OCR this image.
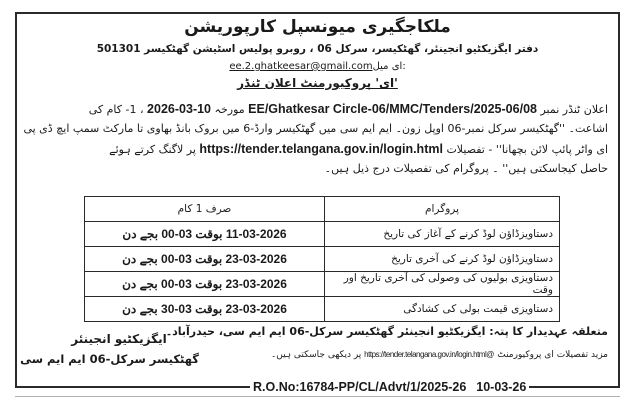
ملکاجگیری میونسپل کارپوریشن
دفتر ایگزیکٹیو انجینئر، گھٹکیسر، سرکل 06 ، روبرو پولیس اسٹیشن گھٹکیسر 501301
ee.2.ghatkeesar@gmail.comای میل:
'ای' پروکیورمنٹ اعلان ٹنڈر
اعلان ٹنڈر نمبر 08/EE/Ghatkesar Circle-06/MMC/Tenders/2025-06 مورخہ 10-03-2026 ، 1- کام کی
اشاعت۔ ''گھٹکیسر سرکل نمبر-06 اوپل زون۔ ایم ایم سی میں گھٹکیسر وارڈ-6 میں بروک بانڈ بھاوی تا مارکٹ سمپ ایچ ڈی پی
ای واٹر پائپ لائن بچھانا'' - تفصیلات https://tender.telangana.gov.in/login.html پر لاگنگ کرتے ہوئے
حاصل کیجاسکتی ہیں'' ۔ پروگرام کی تفصیلات درج ذیل ہیں۔
صرف 1 کام	پروگرام
11-03-2026 بوقت 03-00 بجے دن	دستاویزڈاؤن لوڈ کرنے کے آغاز کی تاریخ
23-03-2026 بوقت 03-00 بجے دن	دستاویزڈاؤن لوڈ کرنے کی آخری تاریخ
23-03-2026 بوقت 03-00 بجے دن	دستاویزی بولیوں کی وصولی کی آخری تاریخ اور وقت
23-03-2026 بوقت 03-30 بجے دن	دستاویزی قیمت بولی کی کشادگی
متعلقہ عہدیدار کا پتہ: ایگزیکٹیو انجینئر گھٹکیسر سرکل-06 ایم ایم سی، حیدرآباد۔
مزید تفصیلات ای پروکیورمنٹ @https://tender.telangana.gov.in/login.html پر دیکھی جاسکتی ہیں۔
ایگزیکٹیو انجینئر
گھٹکیسر سرکل-06 ایم ایم سی
R.O.No:16784-PP/CL/Advt/1/2025-26 10-03-26
